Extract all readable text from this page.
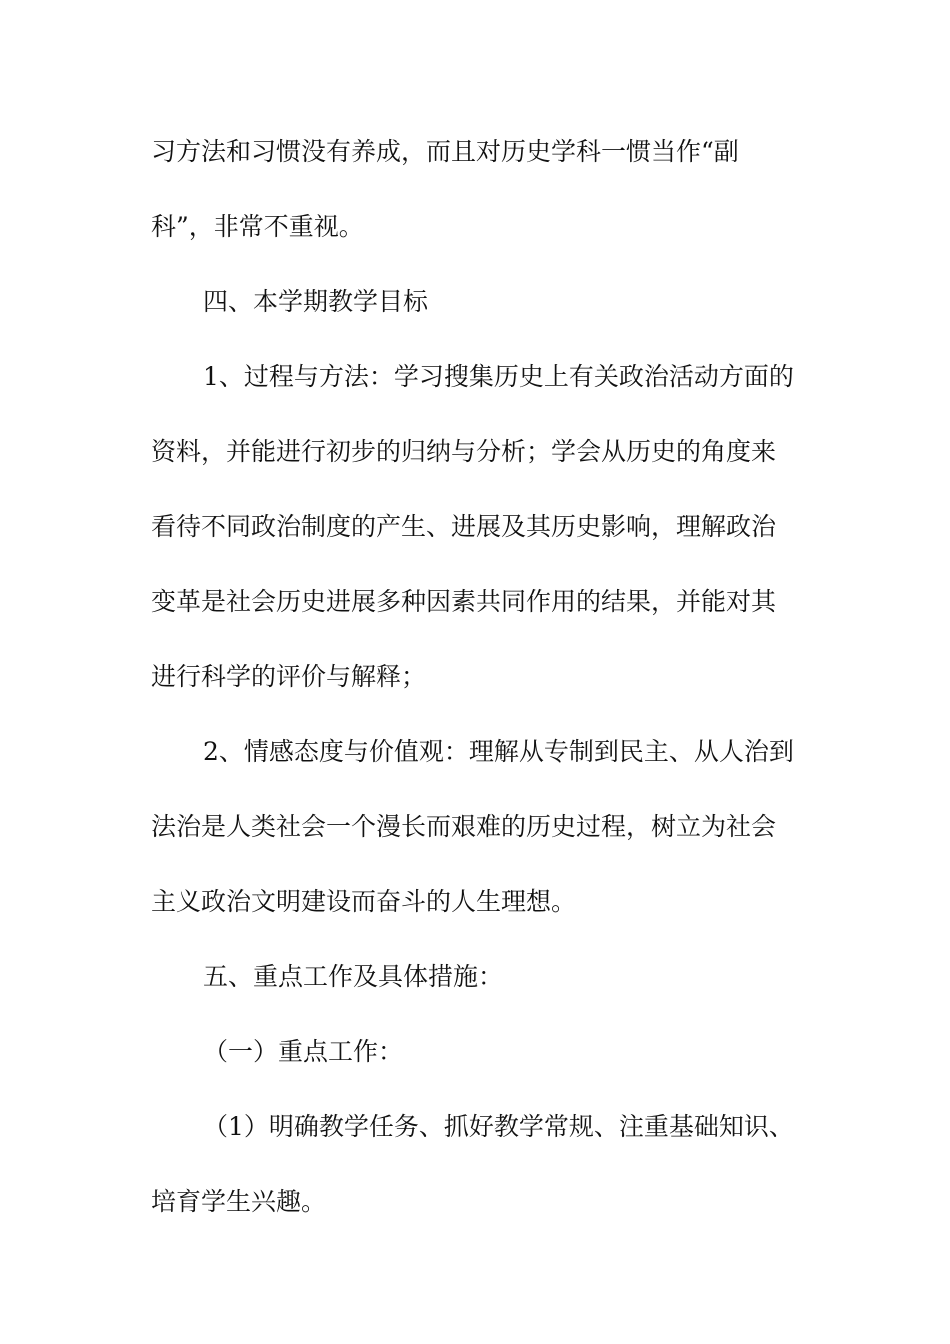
习方法和习惯没有养成，而且对历史学科一惯当作“副
科”，非常不重视。
四、本学期教学目标
1、过程与方法：学习搜集历史上有关政治活动方面的
资料，并能进行初步的归纳与分析；学会从历史的角度来
看待不同政治制度的产生、进展及其历史影响，理解政治
变革是社会历史进展多种因素共同作用的结果，并能对其
进行科学的评价与解释；
2、情感态度与价值观：理解从专制到民主、从人治到
法治是人类社会一个漫长而艰难的历史过程，树立为社会
主义政治文明建设而奋斗的人生理想。
五、重点工作及具体措施：
（一）重点工作：
（1）明确教学任务、抓好教学常规、注重基础知识、
培育学生兴趣。
